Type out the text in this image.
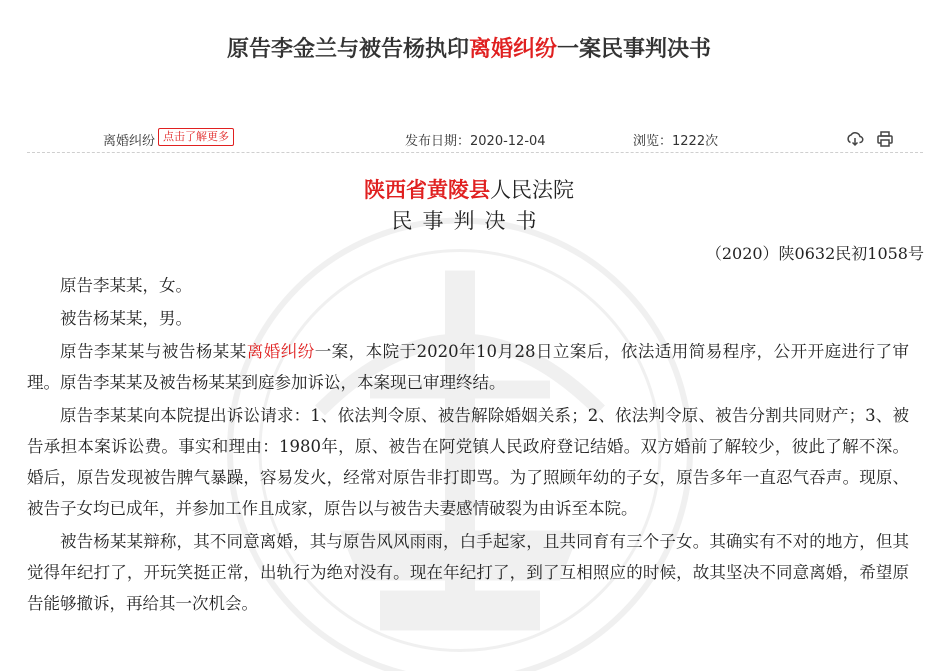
原告李金兰与被告杨执印离婚纠纷一案民事判决书
离婚纠纷 点击了解更多	发布日期：2020-12-04	浏览：1222次
陕西省黄陵县人民法院
民事判决书
（2020）陕0632民初1058号

原告李某某，女。

被告杨某某，男。

原告李某某与被告杨某某离婚纠纷一案，本院于2020年10月28日立案后，依法适用简易程序，公开开庭进行了审理。原告李某某及被告杨某某到庭参加诉讼，本案现已审理终结。

原告李某某向本院提出诉讼请求：1、依法判令原、被告解除婚姻关系；2、依法判令原、被告分割共同财产；3、被告承担本案诉讼费。事实和理由：1980年，原、被告在阿党镇人民政府登记结婚。双方婚前了解较少，彼此了解不深。婚后，原告发现被告脾气暴躁，容易发火，经常对原告非打即骂。为了照顾年幼的子女，原告多年一直忍气吞声。现原、被告子女均已成年，并参加工作且成家，原告以与被告夫妻感情破裂为由诉至本院。

被告杨某某辩称，其不同意离婚，其与原告风风雨雨，白手起家，且共同育有三个子女。其确实有不对的地方，但其觉得年纪打了，开玩笑挺正常，出轨行为绝对没有。现在年纪打了，到了互相照应的时候，故其坚决不同意离婚，希望原告能够撤诉，再给其一次机会。
